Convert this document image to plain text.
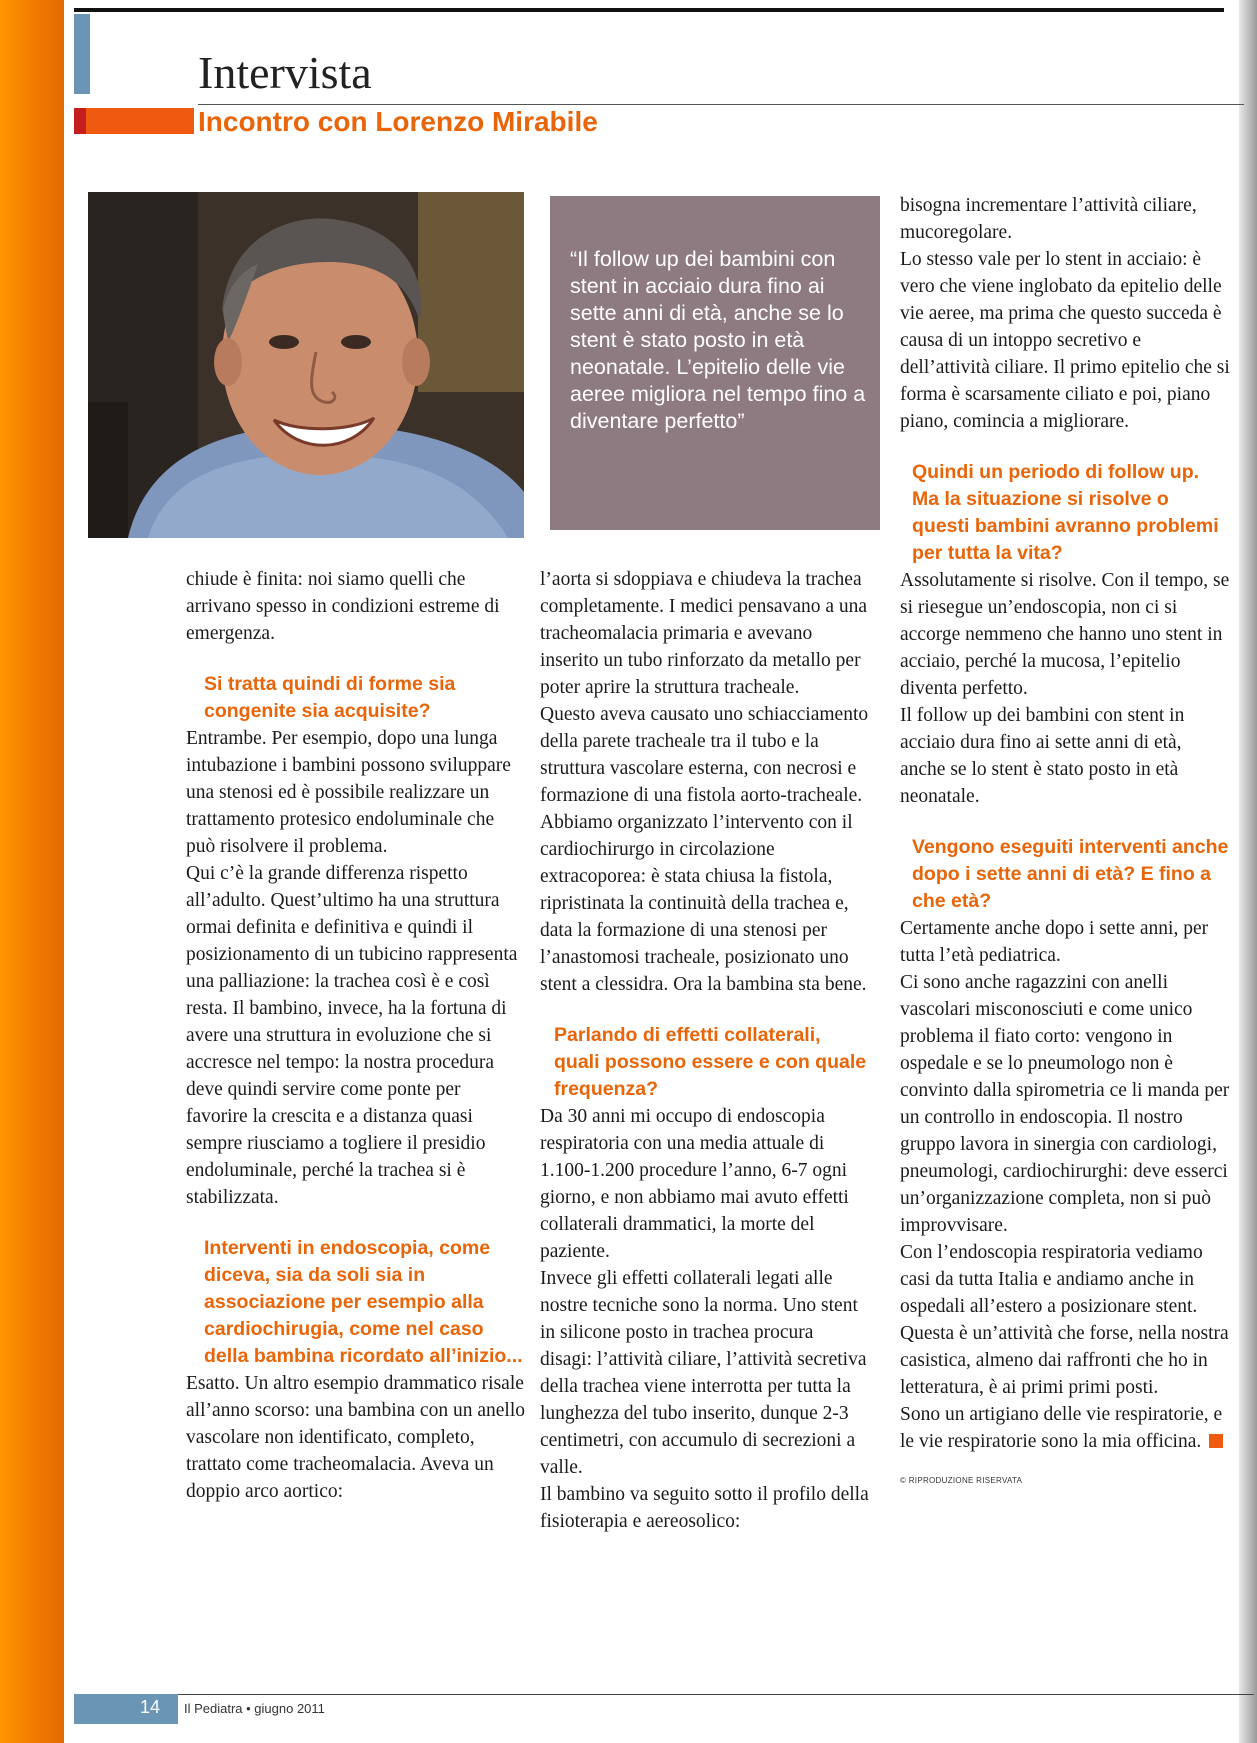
Intervista
Incontro con Lorenzo Mirabile

“Il follow up dei bambini con stent in acciaio dura fino ai sette anni di età, anche se lo stent è stato posto in età neonatale. L’epitelio delle vie aeree migliora nel tempo fino a diventare perfetto”

chiude è finita: noi siamo quelli che arrivano spesso in condizioni estreme di emergenza.

Si tratta quindi di forme sia congenite sia acquisite?

Entrambe. Per esempio, dopo una lunga intubazione i bambini possono sviluppare una stenosi ed è possibile realizzare un trattamento protesico endoluminale che può risolvere il problema.

Qui c’è la grande differenza rispetto all’adulto. Quest’ultimo ha una struttura ormai definita e definitiva e quindi il posizionamento di un tubicino rappresenta una palliazione: la trachea così è e così resta. Il bambino, invece, ha la fortuna di avere una struttura in evoluzione che si accresce nel tempo: la nostra procedura deve quindi servire come ponte per favorire la crescita e a distanza quasi sempre riusciamo a togliere il presidio endoluminale, perché la trachea si è stabilizzata.

Interventi in endoscopia, come diceva, sia da soli sia in associazione per esempio alla cardiochirugia, come nel caso della bambina ricordato all’inizio...

Esatto. Un altro esempio drammatico risale all’anno scorso: una bambina con un anello vascolare non identificato, completo, trattato come tracheomalacia. Aveva un doppio arco aortico:

l’aorta si sdoppiava e chiudeva la trachea completamente. I medici pensavano a una tracheomalacia primaria e avevano inserito un tubo rinforzato da metallo per poter aprire la struttura tracheale.

Questo aveva causato uno schiacciamento della parete tracheale tra il tubo e la struttura vascolare esterna, con necrosi e formazione di una fistola aorto-tracheale. Abbiamo organizzato l’intervento con il cardiochirurgo in circolazione extracoporea: è stata chiusa la fistola, ripristinata la continuità della trachea e, data la formazione di una stenosi per l’anastomosi tracheale, posizionato uno stent a clessidra. Ora la bambina sta bene.

Parlando di effetti collaterali, quali possono essere e con quale frequenza?

Da 30 anni mi occupo di endoscopia respiratoria con una media attuale di 1.100-1.200 procedure l’anno, 6-7 ogni giorno, e non abbiamo mai avuto effetti collaterali drammatici, la morte del paziente.

Invece gli effetti collaterali legati alle nostre tecniche sono la norma. Uno stent in silicone posto in trachea procura disagi: l’attività ciliare, l’attività secretiva della trachea viene interrotta per tutta la lunghezza del tubo inserito, dunque 2-3 centimetri, con accumulo di secrezioni a valle.

Il bambino va seguito sotto il profilo della fisioterapia e aereosolico:

bisogna incrementare l’attività ciliare, mucoregolare.

Lo stesso vale per lo stent in acciaio: è vero che viene inglobato da epitelio delle vie aeree, ma prima che questo succeda è causa di un intoppo secretivo e dell’attività ciliare. Il primo epitelio che si forma è scarsamente ciliato e poi, piano piano, comincia a migliorare.

Quindi un periodo di follow up. Ma la situazione si risolve o questi bambini avranno problemi per tutta la vita?

Assolutamente si risolve. Con il tempo, se si riesegue un’endoscopia, non ci si accorge nemmeno che hanno uno stent in acciaio, perché la mucosa, l’epitelio diventa perfetto.

Il follow up dei bambini con stent in acciaio dura fino ai sette anni di età, anche se lo stent è stato posto in età neonatale.

Vengono eseguiti interventi anche dopo i sette anni di età? E fino a che età?

Certamente anche dopo i sette anni, per tutta l’età pediatrica.

Ci sono anche ragazzini con anelli vascolari misconosciuti e come unico problema il fiato corto: vengono in ospedale e se lo pneumologo non è convinto dalla spirometria ce li manda per un controllo in endoscopia. Il nostro gruppo lavora in sinergia con cardiologi, pneumologi, cardiochirurghi: deve esserci un’organizzazione completa, non si può improvvisare.

Con l’endoscopia respiratoria vediamo casi da tutta Italia e andiamo anche in ospedali all’estero a posizionare stent.

Questa è un’attività che forse, nella nostra casistica, almeno dai raffronti che ho in letteratura, è ai primi primi posti.

Sono un artigiano delle vie respiratorie, e le vie respiratorie sono la mia officina.

© RIPRODUZIONE RISERVATA

14 Il Pediatra • giugno 2011
